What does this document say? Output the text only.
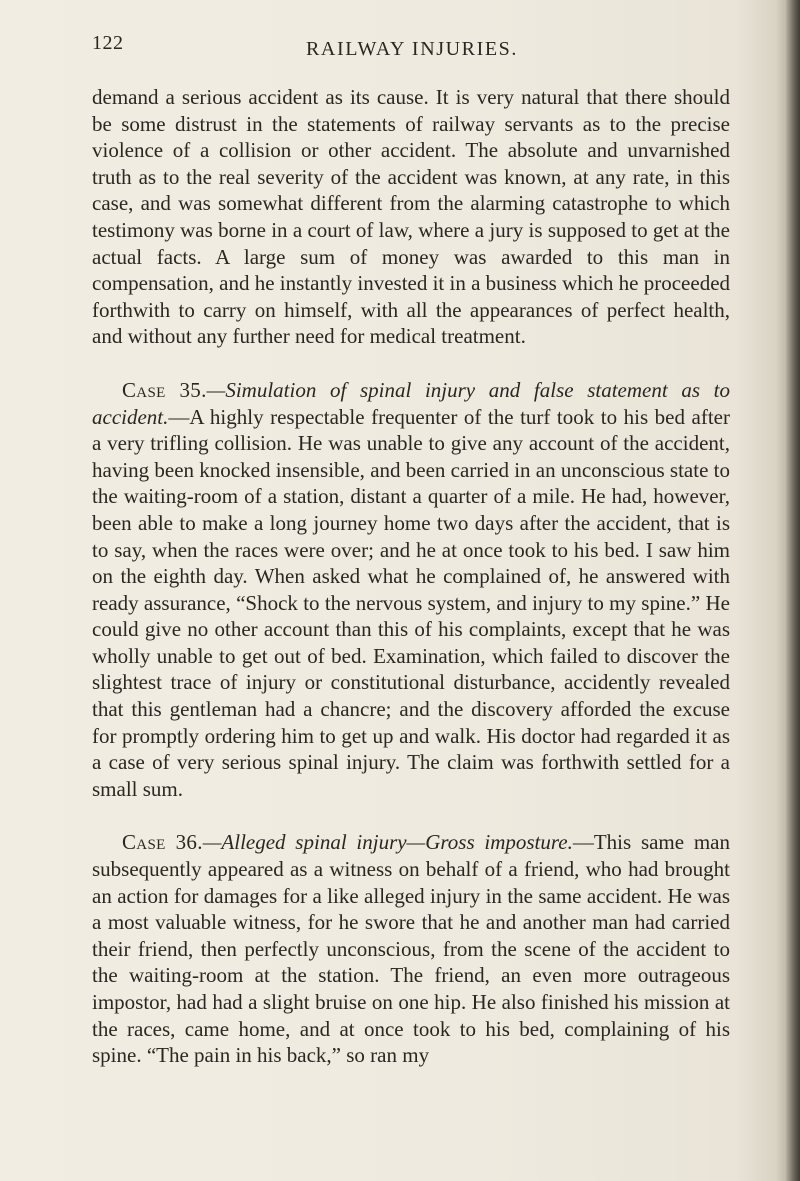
122	RAILWAY INJURIES.

demand a serious accident as its cause. It is very natural that there should be some distrust in the statements of railway servants as to the precise violence of a collision or other accident. The absolute and unvarnished truth as to the real severity of the accident was known, at any rate, in this case, and was somewhat different from the alarming catastrophe to which testimony was borne in a court of law, where a jury is supposed to get at the actual facts. A large sum of money was awarded to this man in compensation, and he instantly invested it in a business which he proceeded forthwith to carry on himself, with all the appearances of perfect health, and without any further need for medical treatment.

Case 35.—Simulation of spinal injury and false statement as to accident.—A highly respectable frequenter of the turf took to his bed after a very trifling collision. He was unable to give any account of the accident, having been knocked insensible, and been carried in an unconscious state to the waiting-room of a station, distant a quarter of a mile. He had, however, been able to make a long journey home two days after the accident, that is to say, when the races were over; and he at once took to his bed. I saw him on the eighth day. When asked what he complained of, he answered with ready assurance, “Shock to the nervous system, and injury to my spine.” He could give no other account than this of his complaints, except that he was wholly unable to get out of bed. Examination, which failed to discover the slightest trace of injury or constitutional disturbance, accidently revealed that this gentleman had a chancre; and the discovery afforded the excuse for promptly ordering him to get up and walk. His doctor had regarded it as a case of very serious spinal injury. The claim was forthwith settled for a small sum.

Case 36.—Alleged spinal injury—Gross imposture.—This same man subsequently appeared as a witness on behalf of a friend, who had brought an action for damages for a like alleged injury in the same accident. He was a most valuable witness, for he swore that he and another man had carried their friend, then perfectly unconscious, from the scene of the accident to the waiting-room at the station. The friend, an even more outrageous impostor, had had a slight bruise on one hip. He also finished his mission at the races, came home, and at once took to his bed, complaining of his spine. “The pain in his back,” so ran my
